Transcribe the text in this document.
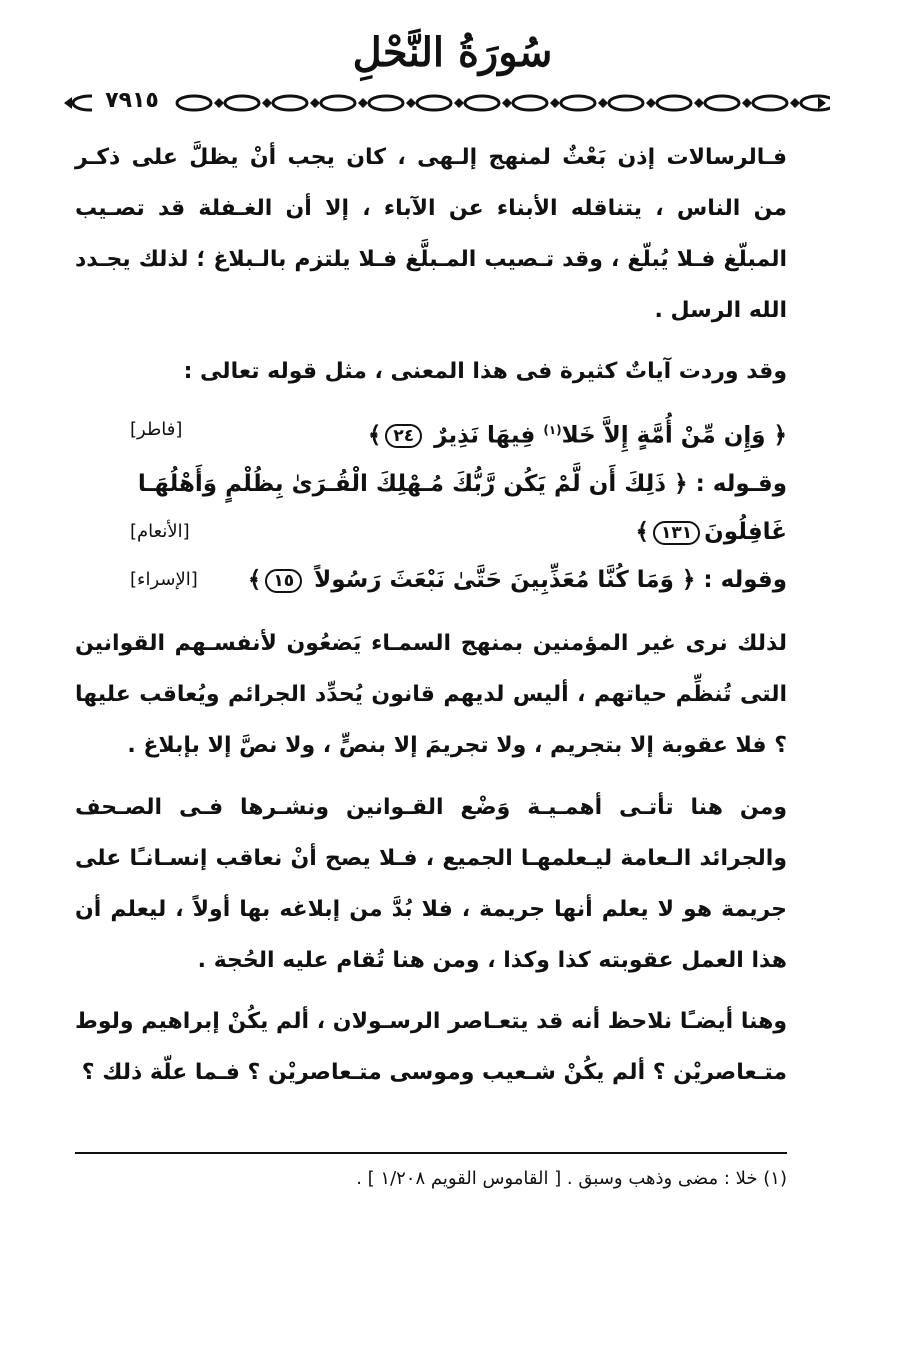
سُورَةُ النَّحْلِ
٧٩١٥
فـالرسالات إذن بَعْثٌ لمنهج إلـهى ، كان يجب أنْ يظلَّ على ذكـر من الناس ، يتناقله الأبناء عن الآباء ، إلا أن الغـفلة قد تصـيب المبلّغ فـلا يُبلّغ ، وقد تـصيب المـبلَّغ فـلا يلتزم بالـبلاغ ؛ لذلك يجـدد الله الرسل .
وقد وردت آياتٌ كثيرة فى هذا المعنى ، مثل قوله تعالى :
﴿ وَإِن مِّنْ أُمَّةٍ إِلاَّ خَلا$^{(١)}$ فِيهَا نَذِيرٌ ٢٤﴾
[فاطر]
وقـوله : ﴿ ذَلِكَ أَن لَّمْ يَكُن رَّبُّكَ مُـهْلِكَ الْقُـرَىٰ بِظُلْمٍ وَأَهْلُهَـا
غَافِلُونَ١٣١﴾
[الأنعام]
وقوله : ﴿ وَمَا كُنَّا مُعَذِّبِينَ حَتَّىٰ نَبْعَثَ رَسُولاً ١٥﴾
[الإسراء]
لذلك نرى غير المؤمنين بمنهج السمـاء يَضعُون لأنفسـهم القوانين التى تُنظِّم حياتهم ، أليس لديهم قانون يُحدِّد الجرائم ويُعاقب عليها ؟ فلا عقوبة إلا بتجريم ، ولا تجريمَ إلا بنصٍّ ، ولا نصَّ إلا بإبلاغ .
ومن هنا تأتـى أهمـيـة وَضْع القـوانين ونشـرها فـى الصـحف والجرائد الـعامة ليـعلمهـا الجميع ، فـلا يصح أنْ نعاقب إنسـانـًا على جريمة هو لا يعلم أنها جريمة ، فلا بُدَّ من إبلاغه بها أولاً ، ليعلم أن هذا العمل عقوبته كذا وكذا ، ومن هنا تُقام عليه الحُجة .
وهنا أيضـًا نلاحظ أنه قد يتعـاصر الرسـولان ، ألم يكُنْ إبراهيم ولوط متـعاصريْن ؟ ألم يكُنْ شـعيب وموسى متـعاصريْن ؟ فـما علّة ذلك ؟
(١) خلا : مضى وذهب وسبق . [ القاموس القويم ١/٢٠٨ ] .
